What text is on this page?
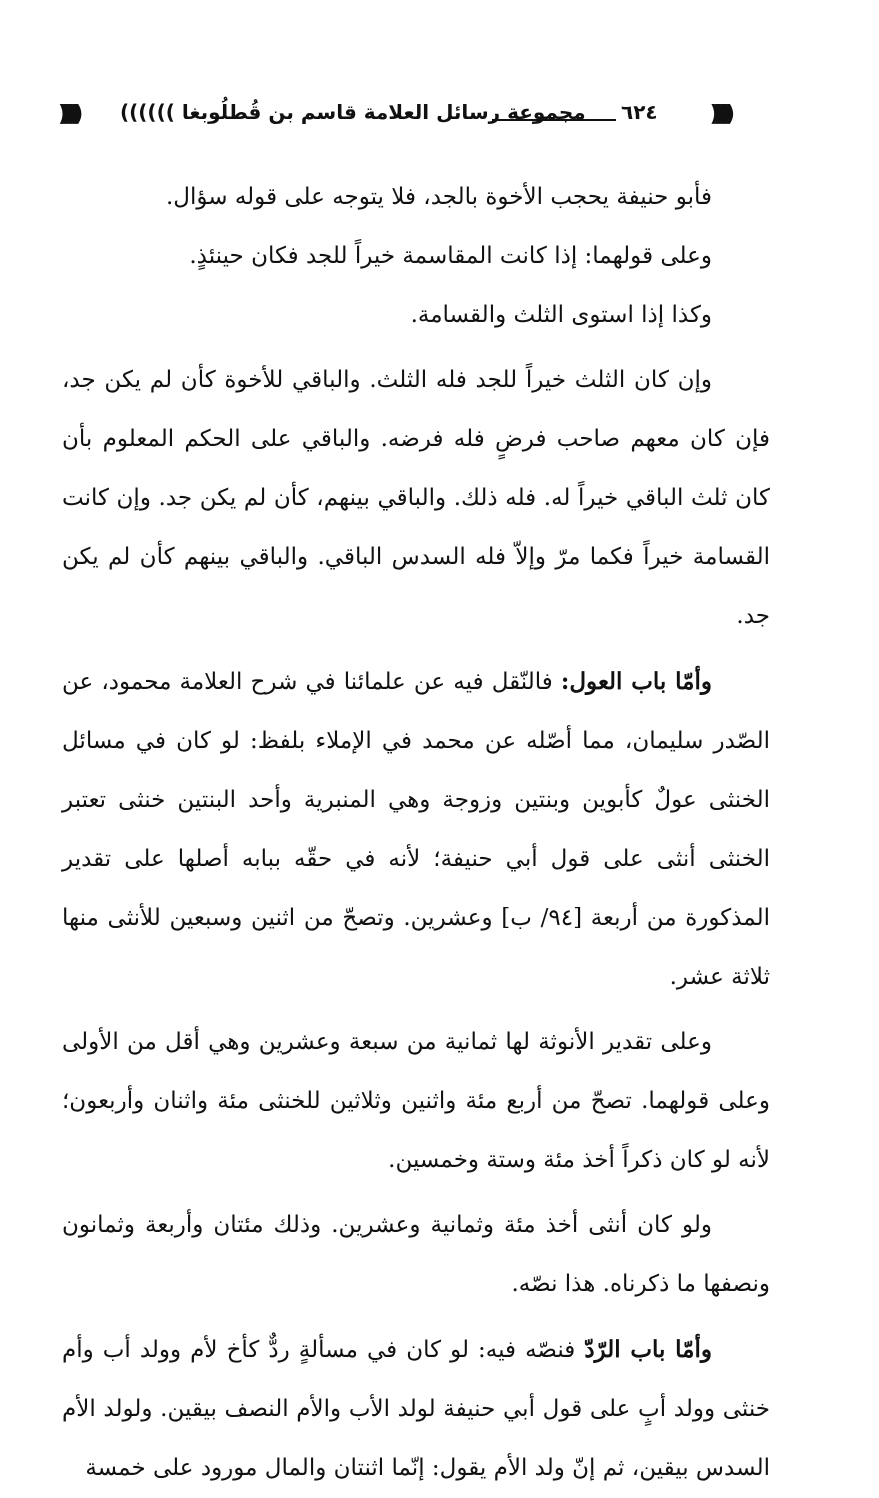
))))))	مجموعة رسائل العلامة قاسم بن قُطلُوبغا ))))))	٦٢٤ ))))))

فأبو حنيفة يحجب الأخوة بالجد، فلا يتوجه على قوله سؤال.

وعلى قولهما: إذا كانت المقاسمة خيراً للجد فكان حينئذٍ.

وكذا إذا استوى الثلث والقسامة.

وإن كان الثلث خيراً للجد فله الثلث. والباقي للأخوة كأن لم يكن جد، فإن كان معهم صاحب فرضٍ فله فرضه. والباقي على الحكم المعلوم بأن كان ثلث الباقي خيراً له. فله ذلك. والباقي بينهم، كأن لم يكن جد. وإن كانت القسامة خيراً فكما مرّ وإلاّ فله السدس الباقي. والباقي بينهم كأن لم يكن جد.

وأمّا باب العول: فالنّقل فيه عن علمائنا في شرح العلامة محمود، عن الصّدر سليمان، مما أصّله عن محمد في الإملاء بلفظ: لو كان في مسائل الخنثى عولٌ كأبوين وبنتين وزوجة وهي المنبرية وأحد البنتين خنثى تعتبر الخنثى أنثى على قول أبي حنيفة؛ لأنه في حقّه ببابه أصلها على تقدير المذكورة من أربعة [٩٤/ ب] وعشرين. وتصحّ من اثنين وسبعين للأنثى منها ثلاثة عشر.

وعلى تقدير الأنوثة لها ثمانية من سبعة وعشرين وهي أقل من الأولى وعلى قولهما. تصحّ من أربع مئة واثنين وثلاثين للخنثى مئة واثنان وأربعون؛ لأنه لو كان ذكراً أخذ مئة وستة وخمسين.

ولو كان أنثى أخذ مئة وثمانية وعشرين. وذلك مئتان وأربعة وثمانون ونصفها ما ذكرناه. هذا نصّه.

وأمّا باب الرّدّ فنصّه فيه: لو كان في مسألةٍ ردٌّ كأخ لأم وولد أب وأم خنثى وولد أبٍ على قول أبي حنيفة لولد الأب والأم النصف بيقين. ولولد الأم السدس بيقين، ثم إنّ ولد الأم يقول: إنّما اثنتان والمال مورود على خمسة
